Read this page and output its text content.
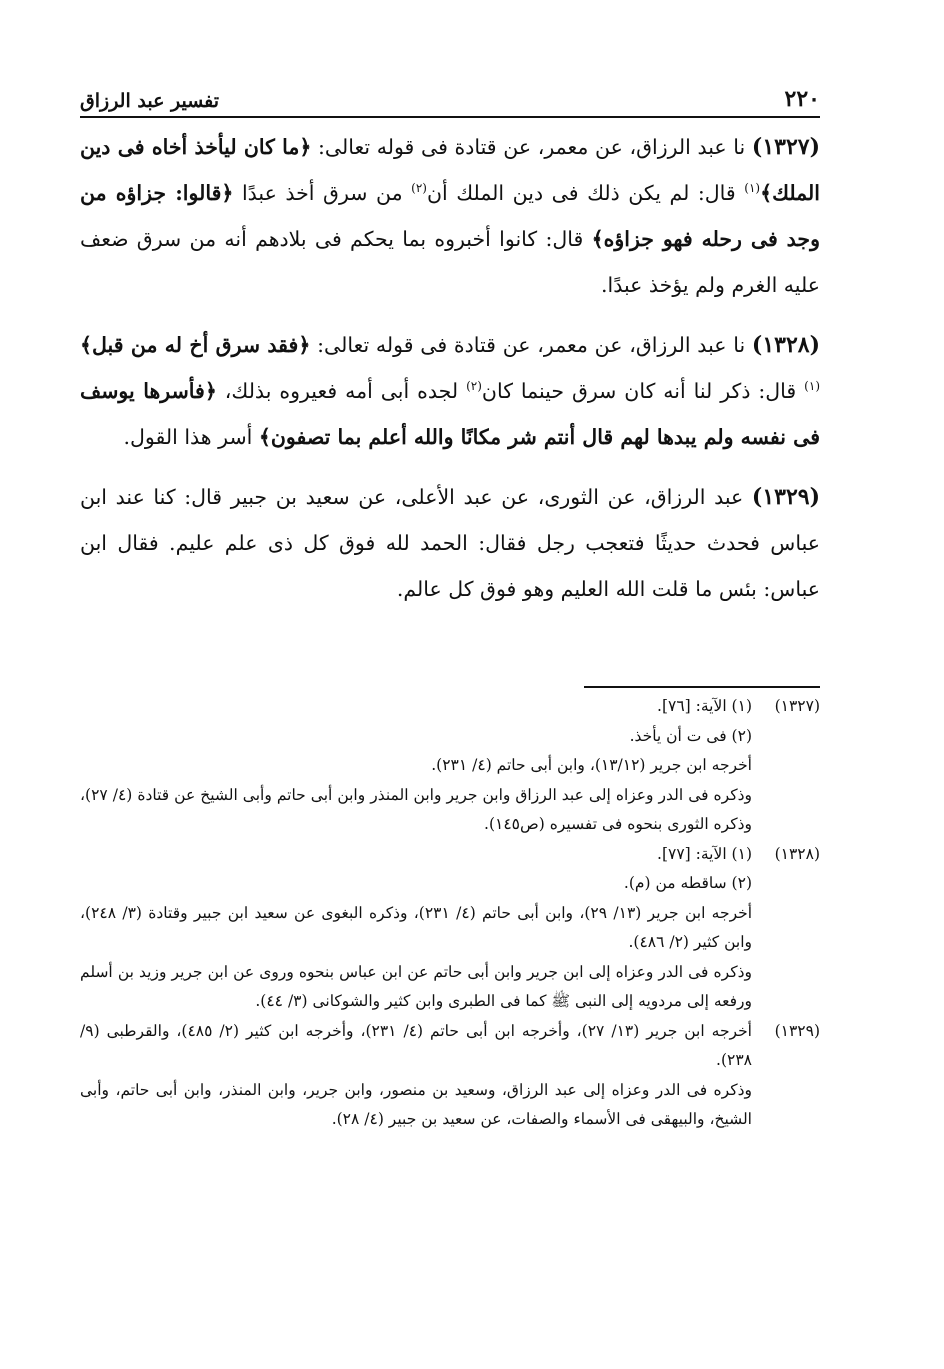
٢٢٠
تفسير عبد الرزاق

(١٣٢٧) نا عبد الرزاق، عن معمر، عن قتادة فى قوله تعالى: ﴿ما كان ليأخذ أخاه فى دين الملك﴾$^{(١)}$ قال: لم يكن ذلك فى دين الملك أن$^{(٢)}$ من سرق أخذ عبدًا ﴿قالوا: جزاؤه من وجد فى رحله فهو جزاؤه﴾ قال: كانوا أخبروه بما يحكم فى بلادهم أنه من سرق ضعف عليه الغرم ولم يؤخذ عبدًا.

(١٣٢٨) نا عبد الرزاق، عن معمر، عن قتادة فى قوله تعالى: ﴿فقد سرق أخ له من قبل﴾$^{(١)}$ قال: ذكر لنا أنه كان سرق حينما كان$^{(٢)}$ لجده أبى أمه فعيروه بذلك، ﴿فأسرها يوسف فى نفسه ولم يبدها لهم قال أنتم شر مكانًا والله أعلم بما تصفون﴾ أسر هذا القول.

(١٣٢٩) عبد الرزاق، عن الثورى، عن عبد الأعلى، عن سعيد بن جبير قال: كنا عند ابن عباس فحدث حديثًا فتعجب رجل فقال: الحمد لله فوق كل ذى علم عليم. فقال ابن عباس: بئس ما قلت الله العليم وهو فوق كل عالم.

(١٣٢٧)
(١) الآية: [٧٦].
(٢) فى ت أن يأخذ.
أخرجه ابن جرير (١٣/١٢)، وابن أبى حاتم (٤/ ٢٣١).
وذكره فى الدر وعزاه إلى عبد الرزاق وابن جرير وابن المنذر وابن أبى حاتم وأبى الشيخ عن قتادة (٤/ ٢٧)، وذكره الثورى بنحوه فى تفسيره (ص١٤٥).
(١٣٢٨)
(١) الآية: [٧٧].
(٢) ساقطه من (م).
أخرجه ابن جرير (١٣/ ٢٩)، وابن أبى حاتم (٤/ ٢٣١)، وذكره البغوى عن سعيد ابن جبير وقتادة (٣/ ٢٤٨)، وابن كثير (٢/ ٤٨٦).
وذكره فى الدر وعزاه إلى ابن جرير وابن أبى حاتم عن ابن عباس بنحوه وروى عن ابن جرير وزيد بن أسلم ورفعه إلى مردويه إلى النبى ﷺ كما فى الطبرى وابن كثير والشوكانى (٣/ ٤٤).
(١٣٢٩)
أخرجه ابن جرير (١٣/ ٢٧)، وأخرجه ابن أبى حاتم (٤/ ٢٣١)، وأخرجه ابن كثير (٢/ ٤٨٥)، والقرطبى (٩/ ٢٣٨).
وذكره فى الدر وعزاه إلى عبد الرزاق، وسعيد بن منصور، وابن جرير، وابن المنذر، وابن أبى حاتم، وأبى الشيخ، والبيهقى فى الأسماء والصفات، عن سعيد بن جبير (٤/ ٢٨).
